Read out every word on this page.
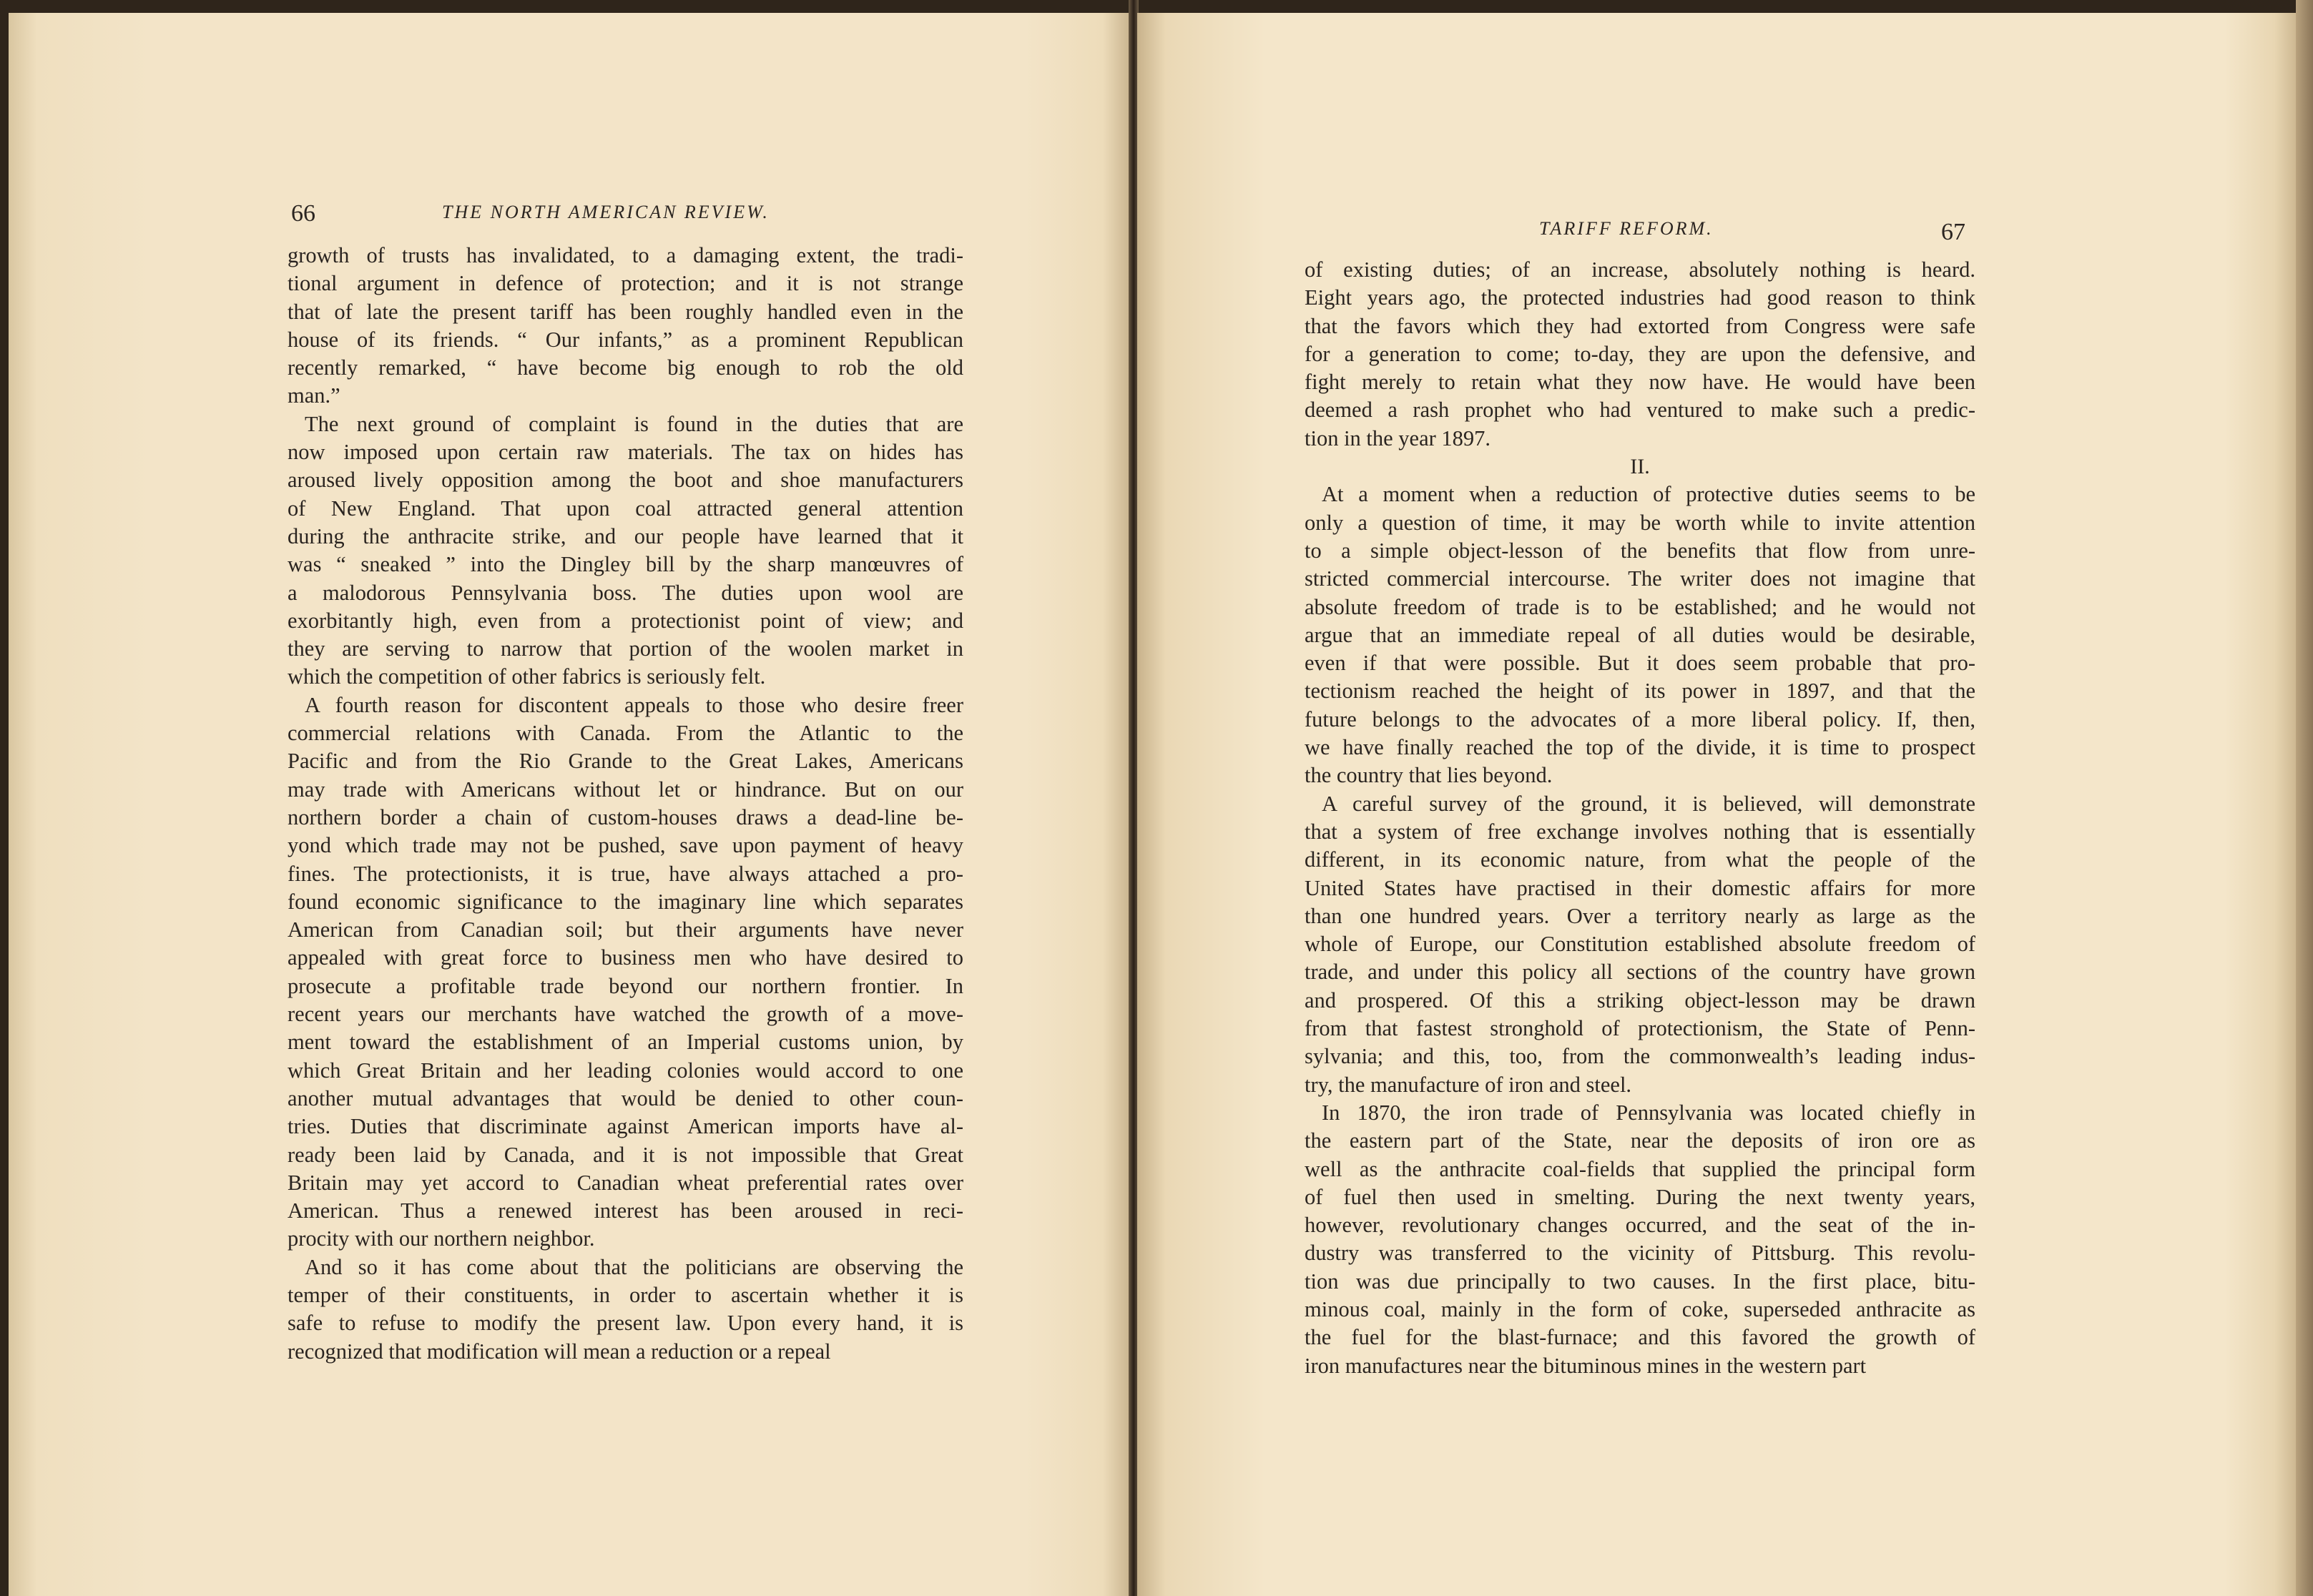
66	THE NORTH AMERICAN REVIEW.
growth of trusts has invalidated, to a damaging extent, the tradi-
tional argument in defence of protection; and it is not strange
that of late the present tariff has been roughly handled even in the
house of its friends. “ Our infants,” as a prominent Republican
recently remarked, “ have become big enough to rob the old
man.”
The next ground of complaint is found in the duties that are
now imposed upon certain raw materials. The tax on hides has
aroused lively opposition among the boot and shoe manufacturers
of New England. That upon coal attracted general attention
during the anthracite strike, and our people have learned that it
was “ sneaked ” into the Dingley bill by the sharp manœuvres of
a malodorous Pennsylvania boss. The duties upon wool are
exorbitantly high, even from a protectionist point of view; and
they are serving to narrow that portion of the woolen market in
which the competition of other fabrics is seriously felt.
A fourth reason for discontent appeals to those who desire freer
commercial relations with Canada. From the Atlantic to the
Pacific and from the Rio Grande to the Great Lakes, Americans
may trade with Americans without let or hindrance. But on our
northern border a chain of custom-houses draws a dead-line be-
yond which trade may not be pushed, save upon payment of heavy
fines. The protectionists, it is true, have always attached a pro-
found economic significance to the imaginary line which separates
American from Canadian soil; but their arguments have never
appealed with great force to business men who have desired to
prosecute a profitable trade beyond our northern frontier. In
recent years our merchants have watched the growth of a move-
ment toward the establishment of an Imperial customs union, by
which Great Britain and her leading colonies would accord to one
another mutual advantages that would be denied to other coun-
tries. Duties that discriminate against American imports have al-
ready been laid by Canada, and it is not impossible that Great
Britain may yet accord to Canadian wheat preferential rates over
American. Thus a renewed interest has been aroused in reci-
procity with our northern neighbor.
And so it has come about that the politicians are observing the
temper of their constituents, in order to ascertain whether it is
safe to refuse to modify the present law. Upon every hand, it is
recognized that modification will mean a reduction or a repeal
TARIFF REFORM.	67
of existing duties; of an increase, absolutely nothing is heard.
Eight years ago, the protected industries had good reason to think
that the favors which they had extorted from Congress were safe
for a generation to come; to-day, they are upon the defensive, and
fight merely to retain what they now have. He would have been
deemed a rash prophet who had ventured to make such a predic-
tion in the year 1897.
II.
At a moment when a reduction of protective duties seems to be
only a question of time, it may be worth while to invite attention
to a simple object-lesson of the benefits that flow from unre-
stricted commercial intercourse. The writer does not imagine that
absolute freedom of trade is to be established; and he would not
argue that an immediate repeal of all duties would be desirable,
even if that were possible. But it does seem probable that pro-
tectionism reached the height of its power in 1897, and that the
future belongs to the advocates of a more liberal policy. If, then,
we have finally reached the top of the divide, it is time to prospect
the country that lies beyond.
A careful survey of the ground, it is believed, will demonstrate
that a system of free exchange involves nothing that is essentially
different, in its economic nature, from what the people of the
United States have practised in their domestic affairs for more
than one hundred years. Over a territory nearly as large as the
whole of Europe, our Constitution established absolute freedom of
trade, and under this policy all sections of the country have grown
and prospered. Of this a striking object-lesson may be drawn
from that fastest stronghold of protectionism, the State of Penn-
sylvania; and this, too, from the commonwealth’s leading indus-
try, the manufacture of iron and steel.
In 1870, the iron trade of Pennsylvania was located chiefly in
the eastern part of the State, near the deposits of iron ore as
well as the anthracite coal-fields that supplied the principal form
of fuel then used in smelting. During the next twenty years,
however, revolutionary changes occurred, and the seat of the in-
dustry was transferred to the vicinity of Pittsburg. This revolu-
tion was due principally to two causes. In the first place, bitu-
minous coal, mainly in the form of coke, superseded anthracite as
the fuel for the blast-furnace; and this favored the growth of
iron manufactures near the bituminous mines in the western part
